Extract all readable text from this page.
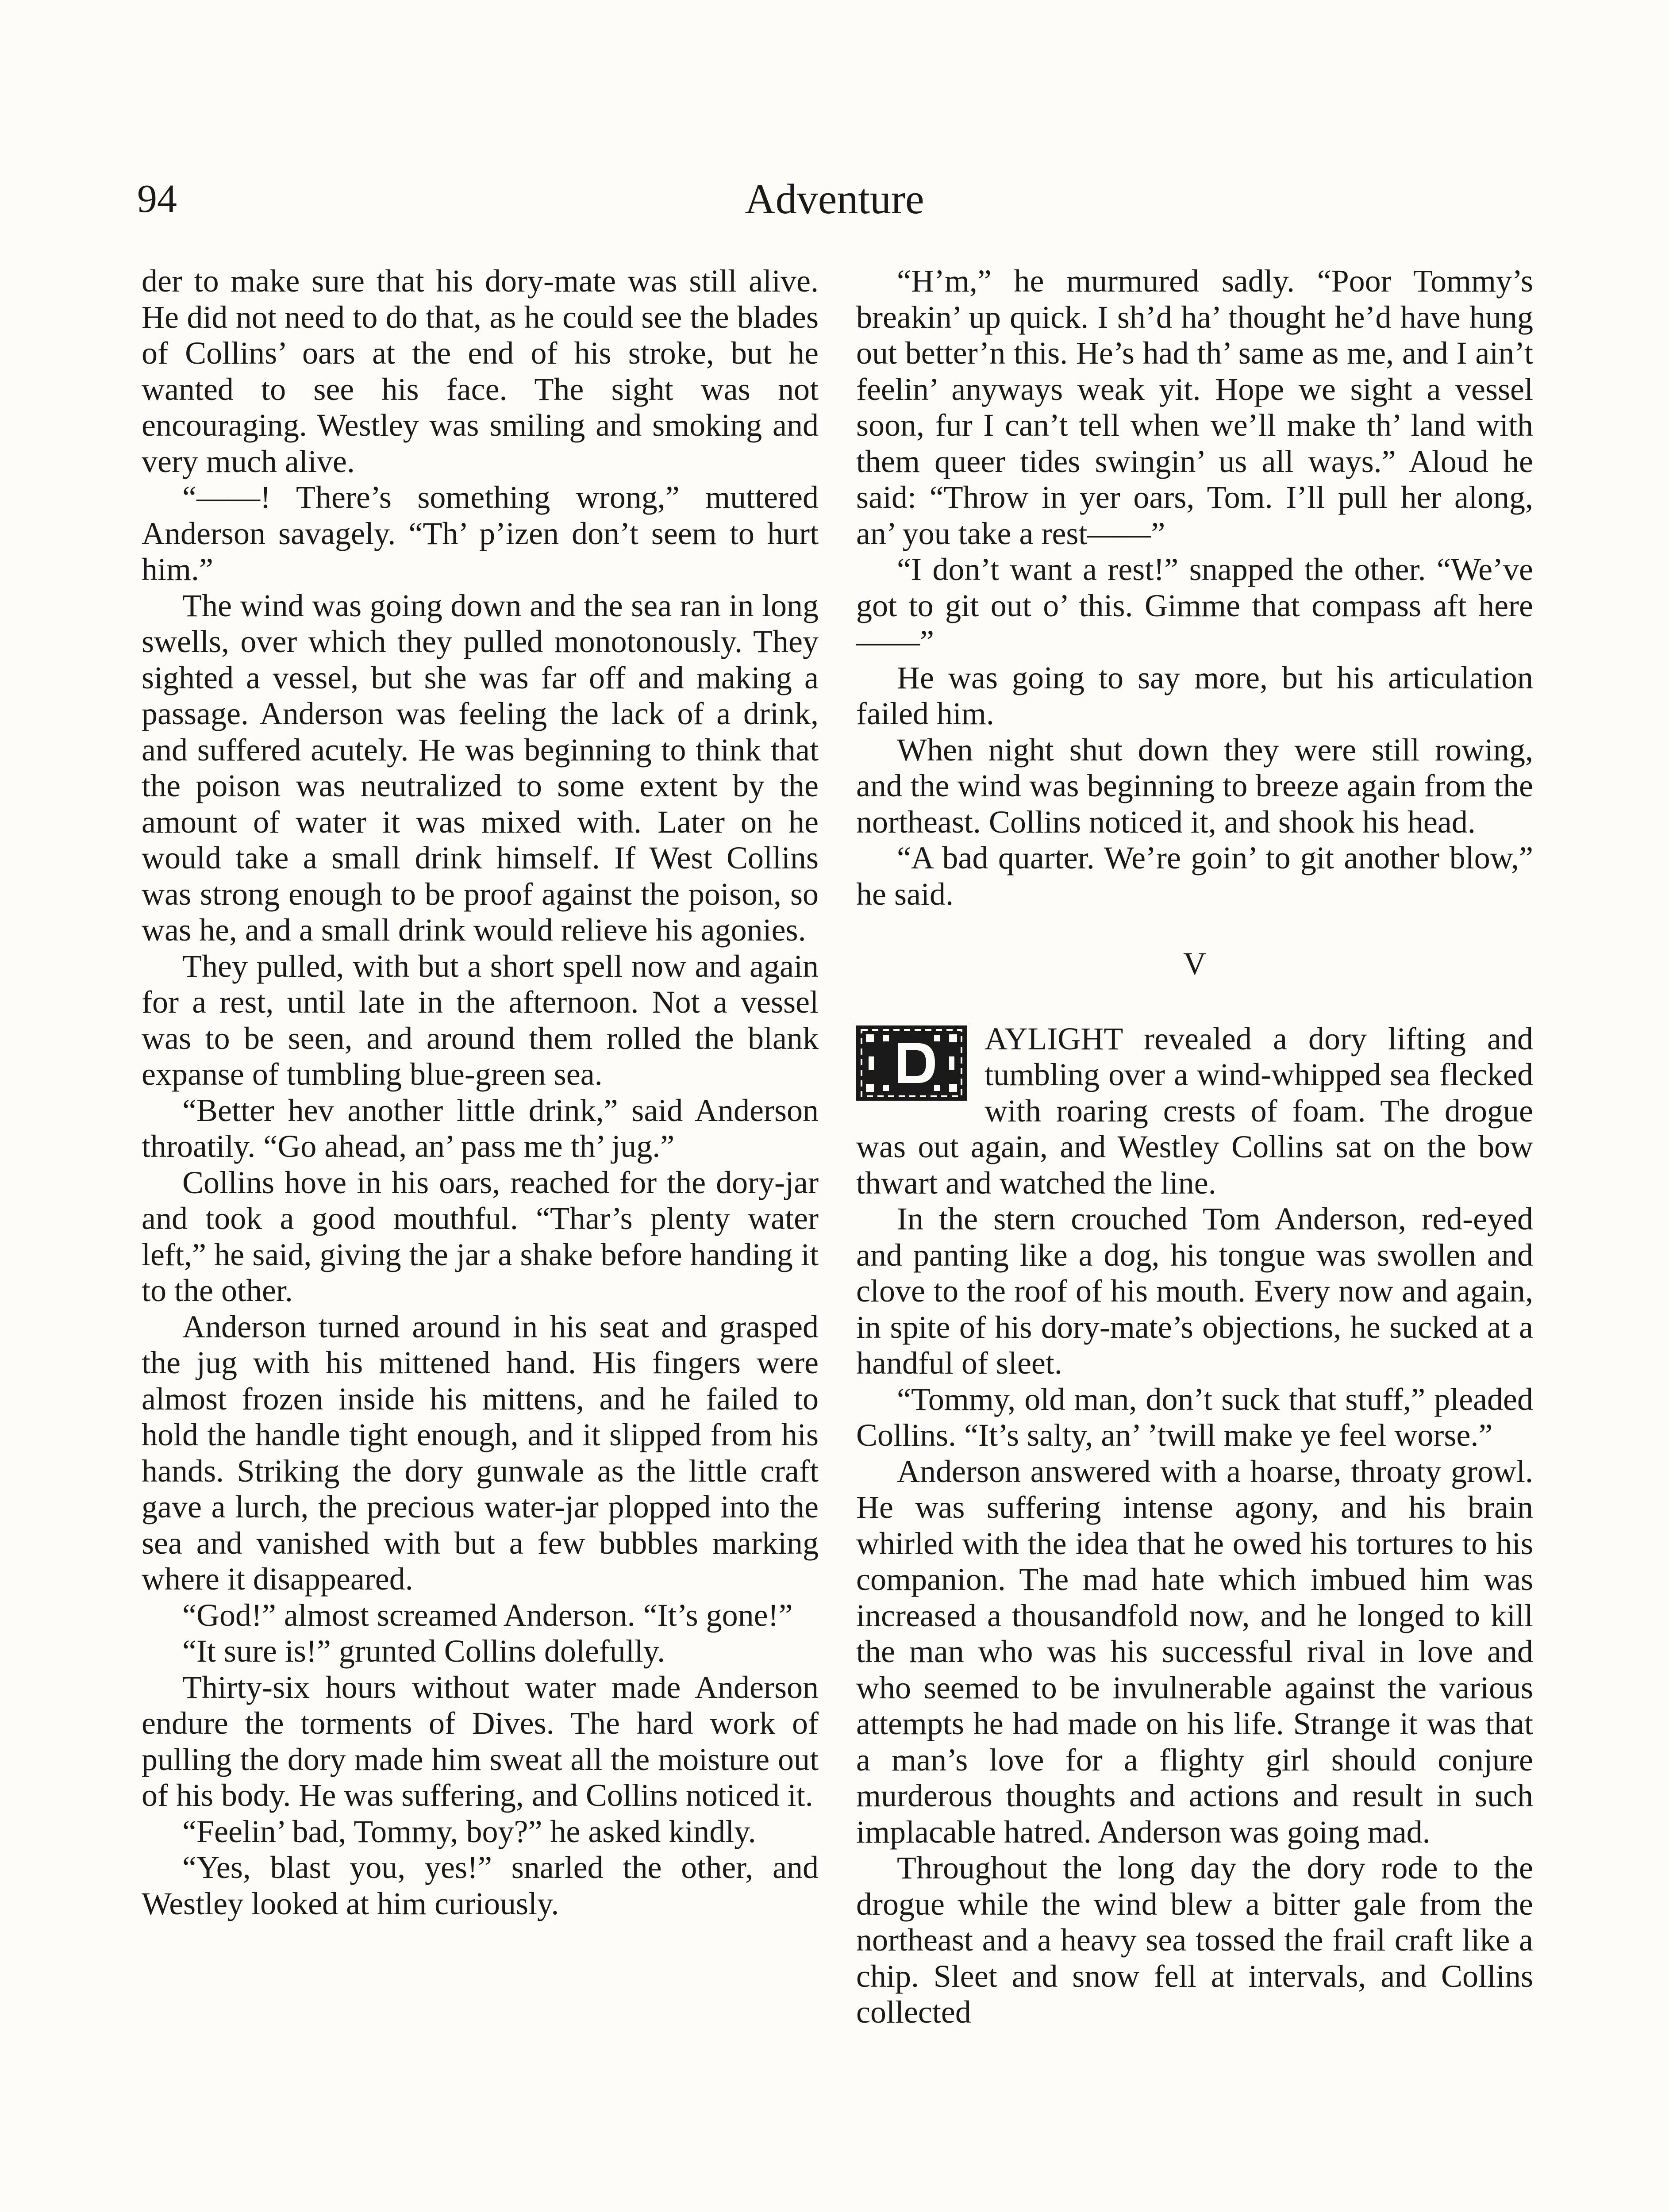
94	Adventure

der to make sure that his dory-mate was still alive. He did not need to do that, as he could see the blades of Collins’ oars at the end of his stroke, but he wanted to see his face. The sight was not encouraging. Westley was smiling and smoking and very much alive.

“——! There’s something wrong,” muttered Anderson savagely. “Th’ p’izen don’t seem to hurt him.”

The wind was going down and the sea ran in long swells, over which they pulled monotonously. They sighted a vessel, but she was far off and making a passage. Anderson was feeling the lack of a drink, and suffered acutely. He was beginning to think that the poison was neutralized to some extent by the amount of water it was mixed with. Later on he would take a small drink himself. If West Collins was strong enough to be proof against the poison, so was he, and a small drink would relieve his agonies.

They pulled, with but a short spell now and again for a rest, until late in the afternoon. Not a vessel was to be seen, and around them rolled the blank expanse of tumbling blue-green sea.

“Better hev another little drink,” said Anderson throatily. “Go ahead, an’ pass me th’ jug.”

Collins hove in his oars, reached for the dory-jar and took a good mouthful. “Thar’s plenty water left,” he said, giving the jar a shake before handing it to the other.

Anderson turned around in his seat and grasped the jug with his mittened hand. His fingers were almost frozen inside his mittens, and he failed to hold the handle tight enough, and it slipped from his hands. Striking the dory gunwale as the little craft gave a lurch, the precious water-jar plopped into the sea and vanished with but a few bubbles marking where it disappeared.

“God!” almost screamed Anderson. “It’s gone!”

“It sure is!” grunted Collins dolefully.

Thirty-six hours without water made Anderson endure the torments of Dives. The hard work of pulling the dory made him sweat all the moisture out of his body. He was suffering, and Collins noticed it.

“Feelin’ bad, Tommy, boy?” he asked kindly.

“Yes, blast you, yes!” snarled the other, and Westley looked at him curiously.

“H’m,” he murmured sadly. “Poor Tommy’s breakin’ up quick. I sh’d ha’ thought he’d have hung out better’n this. He’s had th’ same as me, and I ain’t feelin’ anyways weak yit. Hope we sight a vessel soon, fur I can’t tell when we’ll make th’ land with them queer tides swingin’ us all ways.” Aloud he said: “Throw in yer oars, Tom. I’ll pull her along, an’ you take a rest——”

“I don’t want a rest!” snapped the other. “We’ve got to git out o’ this. Gimme that compass aft here——”

He was going to say more, but his articulation failed him.

When night shut down they were still rowing, and the wind was beginning to breeze again from the northeast. Collins noticed it, and shook his head.

“A bad quarter. We’re goin’ to git another blow,” he said.

V

AYLIGHT revealed a dory lifting and tumbling over a wind-whipped sea flecked with roaring crests of foam. The drogue was out again, and Westley Collins sat on the bow thwart and watched the line.

In the stern crouched Tom Anderson, red-eyed and panting like a dog, his tongue was swollen and clove to the roof of his mouth. Every now and again, in spite of his dory-mate’s objections, he sucked at a handful of sleet.

“Tommy, old man, don’t suck that stuff,” pleaded Collins. “It’s salty, an’ ’twill make ye feel worse.”

Anderson answered with a hoarse, throaty growl. He was suffering intense agony, and his brain whirled with the idea that he owed his tortures to his companion. The mad hate which imbued him was increased a thousandfold now, and he longed to kill the man who was his successful rival in love and who seemed to be invulnerable against the various attempts he had made on his life. Strange it was that a man’s love for a flighty girl should conjure murderous thoughts and actions and result in such implacable hatred. Anderson was going mad.

Throughout the long day the dory rode to the drogue while the wind blew a bitter gale from the northeast and a heavy sea tossed the frail craft like a chip. Sleet and snow fell at intervals, and Collins collected
